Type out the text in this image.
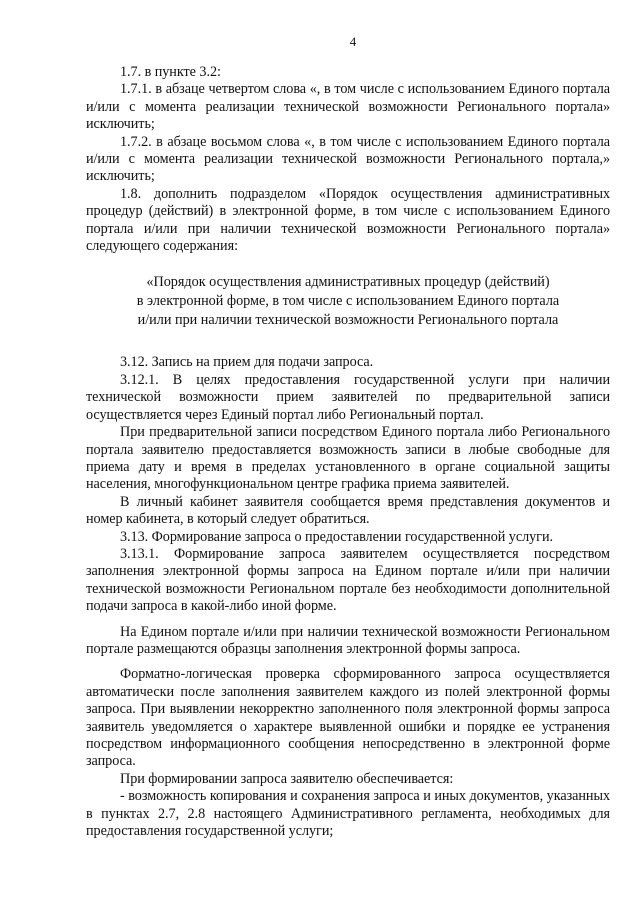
4

1.7. в пункте 3.2:

1.7.1. в абзаце четвертом слова «, в том числе с использованием Единого портала и/или с момента реализации технической возможности Регионального портала» исключить;

1.7.2. в абзаце восьмом слова «, в том числе с использованием Единого портала и/или с момента реализации технической возможности Регионального портала,» исключить;

1.8. дополнить подразделом «Порядок осуществления административных процедур (действий) в электронной форме, в том числе с использованием Единого портала и/или при наличии технической возможности Регионального портала» следующего содержания:

«Порядок осуществления административных процедур (действий)
в электронной форме, в том числе с использованием Единого портала
и/или при наличии технической возможности Регионального портала

3.12. Запись на прием для подачи запроса.

3.12.1. В целях предоставления государственной услуги при наличии технической возможности прием заявителей по предварительной записи осуществляется через Единый портал либо Региональный портал.

При предварительной записи посредством Единого портала либо Регионального портала заявителю предоставляется возможность записи в любые свободные для приема дату и время в пределах установленного в органе социальной защиты населения, многофункциональном центре графика приема заявителей.

В личный кабинет заявителя сообщается время представления документов и номер кабинета, в который следует обратиться.

3.13. Формирование запроса о предоставлении государственной услуги.

3.13.1. Формирование запроса заявителем осуществляется посредством заполнения электронной формы запроса на Едином портале и/или при наличии технической возможности Региональном портале без необходимости дополнительной подачи запроса в какой-либо иной форме.

На Едином портале и/или при наличии технической возможности Региональном портале размещаются образцы заполнения электронной формы запроса.

Форматно-логическая проверка сформированного запроса осуществляется автоматически после заполнения заявителем каждого из полей электронной формы запроса. При выявлении некорректно заполненного поля электронной формы запроса заявитель уведомляется о характере выявленной ошибки и порядке ее устранения посредством информационного сообщения непосредственно в электронной форме запроса.

При формировании запроса заявителю обеспечивается:

- возможность копирования и сохранения запроса и иных документов, указанных в пунктах 2.7, 2.8 настоящего Административного регламента, необходимых для предоставления государственной услуги;
